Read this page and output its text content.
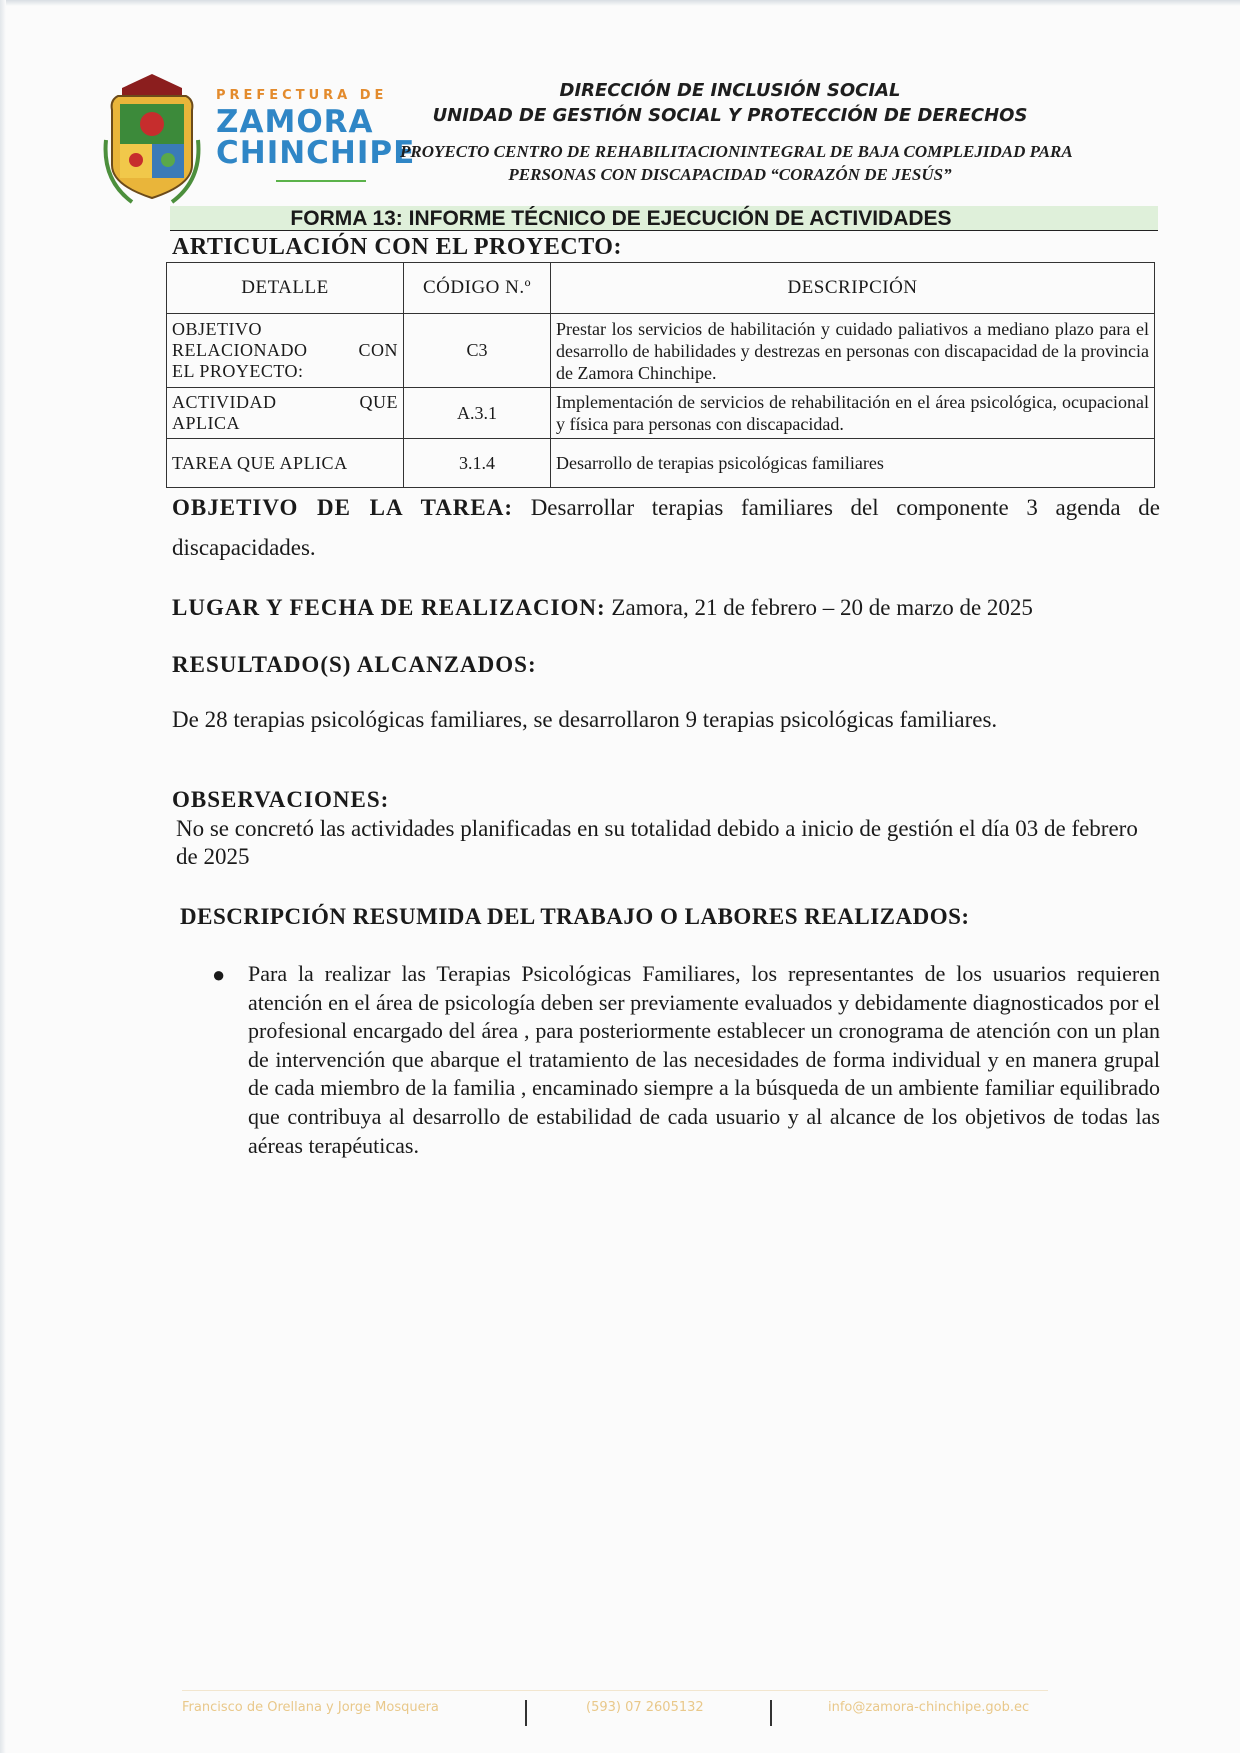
PREFECTURA DE
ZAMORA
CHINCHIPE
DIRECCIÓN DE INCLUSIÓN SOCIAL
UNIDAD DE GESTIÓN SOCIAL Y PROTECCIÓN DE DERECHOS
PROYECTO CENTRO DE REHABILITACIONINTEGRAL DE BAJA COMPLEJIDAD PARA
PERSONAS CON DISCAPACIDAD “CORAZÓN DE JESÚS”
FORMA 13: INFORME TÉCNICO DE EJECUCIÓN DE ACTIVIDADES
ARTICULACIÓN CON EL PROYECTO:
DETALLE	CÓDIGO N.º	DESCRIPCIÓN

OBJETIVO
RELACIONADO CON
EL PROYECTO:	C3	Prestar los servicios de habilitación y cuidado paliativos a mediano plazo para el desarrollo de habilidades y destrezas en personas con discapacidad de la provincia de Zamora Chinchipe.

ACTIVIDAD QUE
APLICA	A.3.1	Implementación de servicios de rehabilitación en el área psicológica, ocupacional y física para personas con discapacidad.
TAREA QUE APLICA	3.1.4	Desarrollo de terapias psicológicas familiares
OBJETIVO DE LA TAREA: Desarrollar terapias familiares del componente 3 agenda de discapacidades.
LUGAR Y FECHA DE REALIZACION: Zamora, 21 de febrero – 20 de marzo de 2025
RESULTADO(S) ALCANZADOS:
De 28 terapias psicológicas familiares, se desarrollaron 9 terapias psicológicas familiares.
OBSERVACIONES:
No se concretó las actividades planificadas en su totalidad debido a inicio de gestión el día 03 de febrero de 2025
DESCRIPCIÓN RESUMIDA DEL TRABAJO O LABORES REALIZADOS:
● Para la realizar las Terapias Psicológicas Familiares, los representantes de los usuarios requieren atención en el área de psicología deben ser previamente evaluados y debidamente diagnosticados por el profesional encargado del área , para posteriormente establecer un cronograma de atención con un plan de intervención que abarque el tratamiento de las necesidades de forma individual y en manera grupal de cada miembro de la familia , encaminado siempre a la búsqueda de un ambiente familiar equilibrado que contribuya al desarrollo de estabilidad de cada usuario y al alcance de los objetivos de todas las aéreas terapéuticas.
Francisco de Orellana y Jorge Mosquera	(593) 07 2605132	info@zamora-chinchipe.gob.ec
